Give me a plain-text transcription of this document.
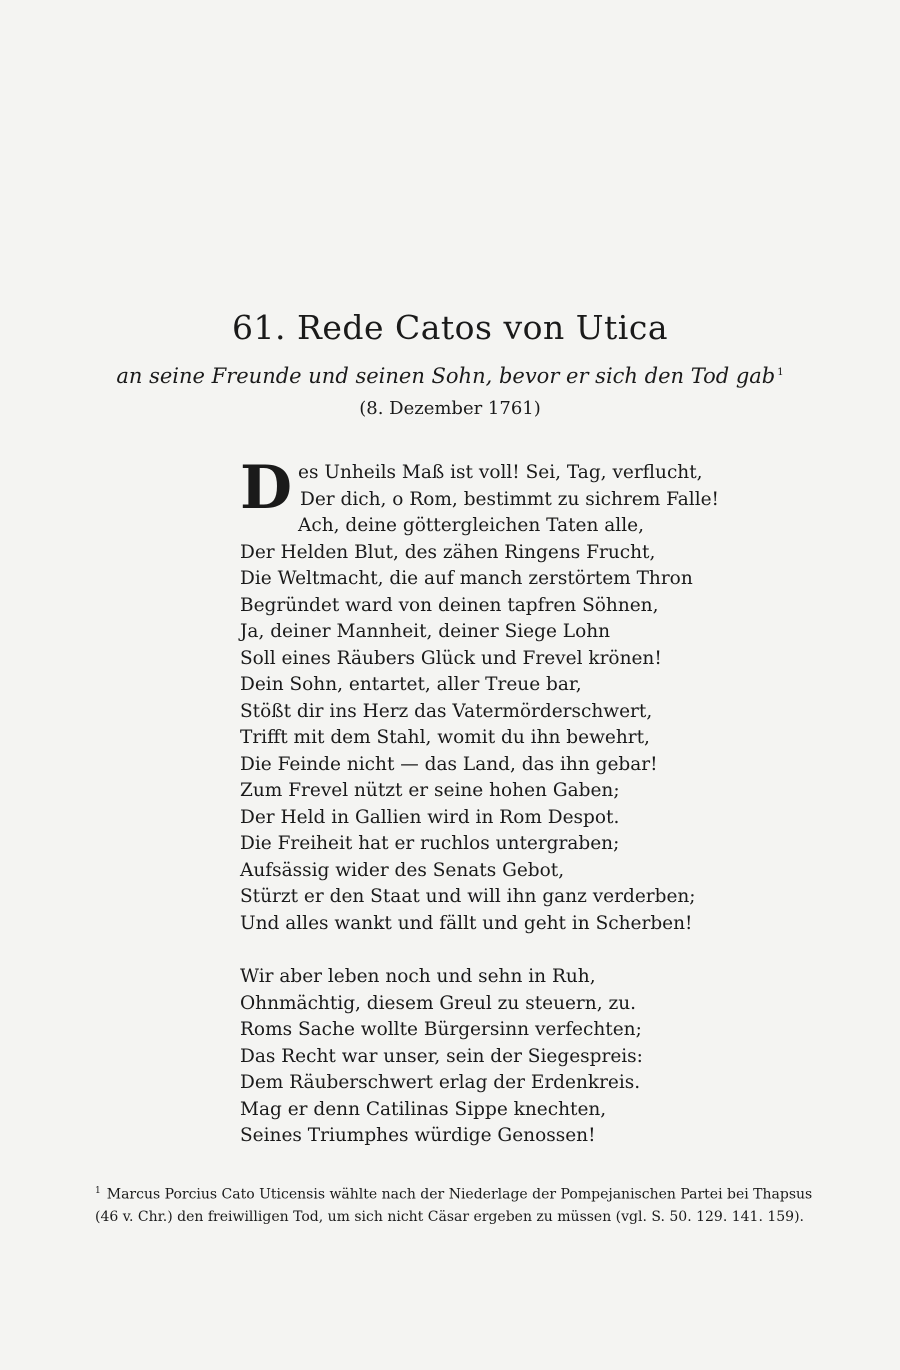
61. Rede Catos von Utica
an seine Freunde und seinen Sohn, bevor er sich den Tod gab $^1$
(8. Dezember 1761)
Des Unheils Maß ist voll! Sei, Tag, verflucht,
Der dich, o Rom, bestimmt zu sichrem Falle!
Ach, deine göttergleichen Taten alle,
Der Helden Blut, des zähen Ringens Frucht,
Die Weltmacht, die auf manch zerstörtem Thron
Begründet ward von deinen tapfren Söhnen,
Ja, deiner Mannheit, deiner Siege Lohn
Soll eines Räubers Glück und Frevel krönen!
Dein Sohn, entartet, aller Treue bar,
Stößt dir ins Herz das Vatermörderschwert,
Trifft mit dem Stahl, womit du ihn bewehrt,
Die Feinde nicht — das Land, das ihn gebar!
Zum Frevel nützt er seine hohen Gaben;
Der Held in Gallien wird in Rom Despot.
Die Freiheit hat er ruchlos untergraben;
Aufsässig wider des Senats Gebot,
Stürzt er den Staat und will ihn ganz verderben;
Und alles wankt und fällt und geht in Scherben!
Wir aber leben noch und sehn in Ruh,
Ohnmächtig, diesem Greul zu steuern, zu.
Roms Sache wollte Bürgersinn verfechten;
Das Recht war unser, sein der Siegespreis:
Dem Räuberschwert erlag der Erdenkreis.
Mag er denn Catilinas Sippe knechten,
Seines Triumphes würdige Genossen!
$^1$ Marcus Porcius Cato Uticensis wählte nach der Niederlage der Pompejanischen Partei bei Thapsus
(46 v. Chr.) den freiwilligen Tod, um sich nicht Cäsar ergeben zu müssen (vgl. S. 50. 129. 141. 159).
